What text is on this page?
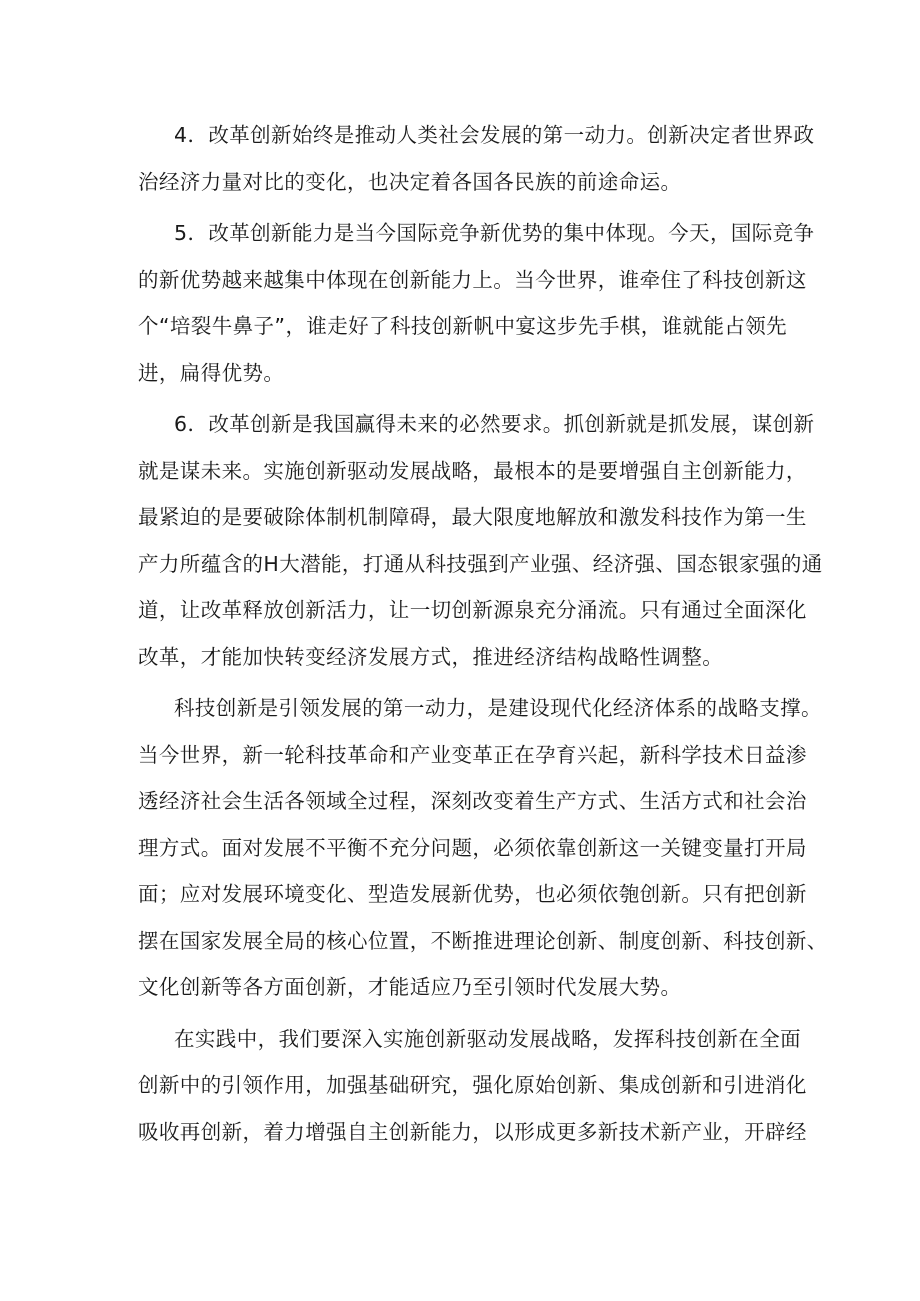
4．改革创新始终是推动人类社会发展的第一动力。创新决定者世界政
治经济力量对比的变化，也决定着各国各民族的前途命运。

5．改革创新能力是当今国际竞争新优势的集中体现。今天，国际竞争
的新优势越来越集中体现在创新能力上。当今世界，谁牵住了科技创新这
个“培裂牛鼻子”，谁走好了科技创新帆中宴这步先手棋，谁就能占领先
进，扁得优势。

6．改革创新是我国赢得未来的必然要求。抓创新就是抓发展，谋创新
就是谋未来。实施创新驱动发展战略，最根本的是要增强自主创新能力，
最紧迫的是要破除体制机制障碍，最大限度地解放和激发科技作为第一生
产力所蕴含的H大潜能，打通从科技强到产业强、经济强、国态银家强的通
道，让改革释放创新活力，让一切创新源泉充分涌流。只有通过全面深化
改革，才能加快转变经济发展方式，推进经济结构战略性调整。

科技创新是引领发展的第一动力，是建设现代化经济体系的战略支撑。
当今世界，新一轮科技革命和产业变革正在孕育兴起，新科学技术日益渗
透经济社会生活各领域全过程，深刻改变着生产方式、生活方式和社会治
理方式。面对发展不平衡不充分问题，必须依靠创新这一关键变量打开局
面；应对发展环境变化、型造发展新优势，也必须依匏创新。只有把创新
摆在国家发展全局的核心位置，不断推进理论创新、制度创新、科技创新、
文化创新等各方面创新，才能适应乃至引领时代发展大势。

在实践中，我们要深入实施创新驱动发展战略，发挥科技创新在全面
创新中的引领作用，加强基础研究，强化原始创新、集成创新和引进消化
吸收再创新，着力增强自主创新能力，以形成更多新技术新产业，开辟经
